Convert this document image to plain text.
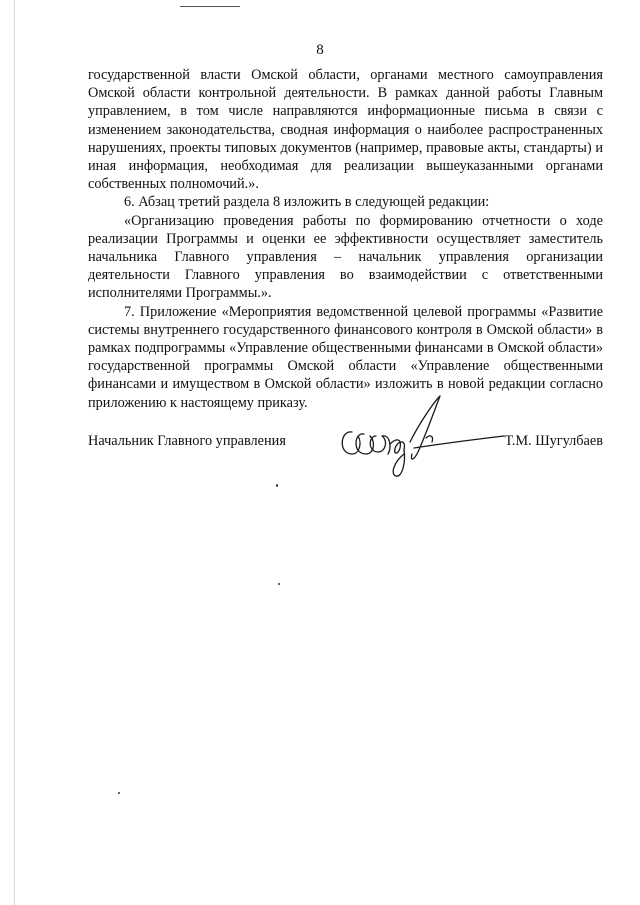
8

государственной власти Омской области, органами местного самоуправления Омской области контрольной деятельности. В рамках данной работы Главным управлением, в том числе направляются информационные письма в связи с изменением законодательства, сводная информация о наиболее распространенных нарушениях, проекты типовых документов (например, правовые акты, стандарты) и иная информация, необходимая для реализации вышеуказанными органами собственных полномочий.».

6. Абзац третий раздела 8 изложить в следующей редакции:

«Организацию проведения работы по формированию отчетности о ходе реализации Программы и оценки ее эффективности осуществляет заместитель начальника Главного управления – начальник управления организации деятельности Главного управления во взаимодействии с ответственными исполнителями Программы.».

7. Приложение «Мероприятия ведомственной целевой программы «Развитие системы внутреннего государственного финансового контроля в Омской области» в рамках подпрограммы «Управление общественными финансами в Омской области» государственной программы Омской области «Управление общественными финансами и имуществом в Омской области» изложить в новой редакции согласно приложению к настоящему приказу.

Начальник Главного управления	Т.М. Шугулбаев
